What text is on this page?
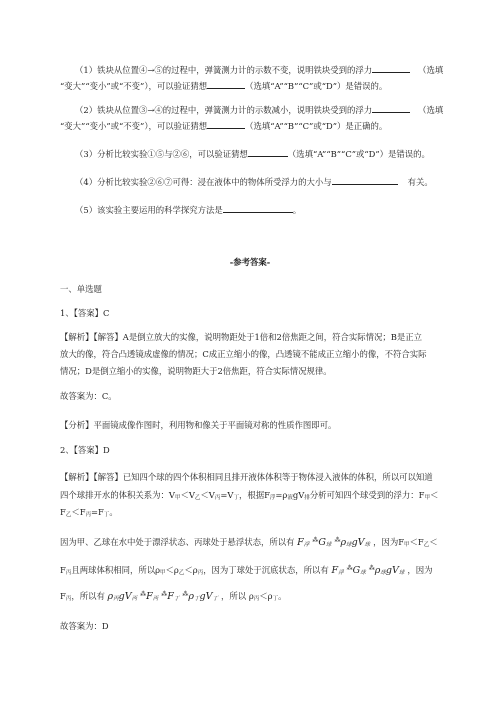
（1）铁块从位置④→⑤的过程中，弹簧测力计的示数不变，说明铁块受到的浮力	（选填
“变大”“变小”或“不变”），可以验证猜想	（选填“A”“B”“C”或“D”）是错误的。
（2）铁块从位置③→④的过程中，弹簧测力计的示数减小，说明铁块受到的浮力	（选填
“变大”“变小”或“不变”），可以验证猜想	（选填“A”“B”“C”或“D”）是正确的。
（3）分析比较实验①⑤与②⑥，可以验证猜想	（选填“A”“B”“C”或“D”）是错误的。
（4）分析比较实验②⑥⑦可得：浸在液体中的物体所受浮力的大小与	有关。
（5）该实验主要运用的科学探究方法是	。
-参考答案-
一、单选题
1、【答案】C
【解析】【解答】A是倒立放大的实像，说明物距处于1倍和2倍焦距之间，符合实际情况；B是正立
放大的像，符合凸透镜成虚像的情况；C成正立缩小的像，凸透镜不能成正立缩小的像，不符合实际
情况；D是倒立缩小的实像，说明物距大于2倍焦距，符合实际情况规律。
故答案为：C。
【分析】平面镜成像作图时，利用物和像关于平面镜对称的性质作图即可。
2、【答案】D
【解析】【解答】已知四个球的四个体积相同且排开液体体积等于物体浸入液体的体积，所以可以知道
四个球排开水的体积关系为：V甲＜V乙＜V丙=V丁，根据F浮=ρ液gV排分析可知四个球受到的浮力：F甲＜
F乙＜F丙=F丁。
因为甲、乙球在水中处于漂浮状态、丙球处于悬浮状态，所以有 F浮 ⁂G球 ⁂ρ球gV球 ，因为F甲＜F乙＜
F丙且两球体积相同，所以ρ甲＜ρ乙＜ρ丙，因为丁球处于沉底状态，所以有 F浮 ⁂G球 ⁂ρ球gV球 ，因为
F丙，所以有 ρ丙gV丙 ⁂F丙 ⁂F丁 ⁂ρ丁gV丁 ，所以 ρ丙＜ρ丁。
故答案为：D
